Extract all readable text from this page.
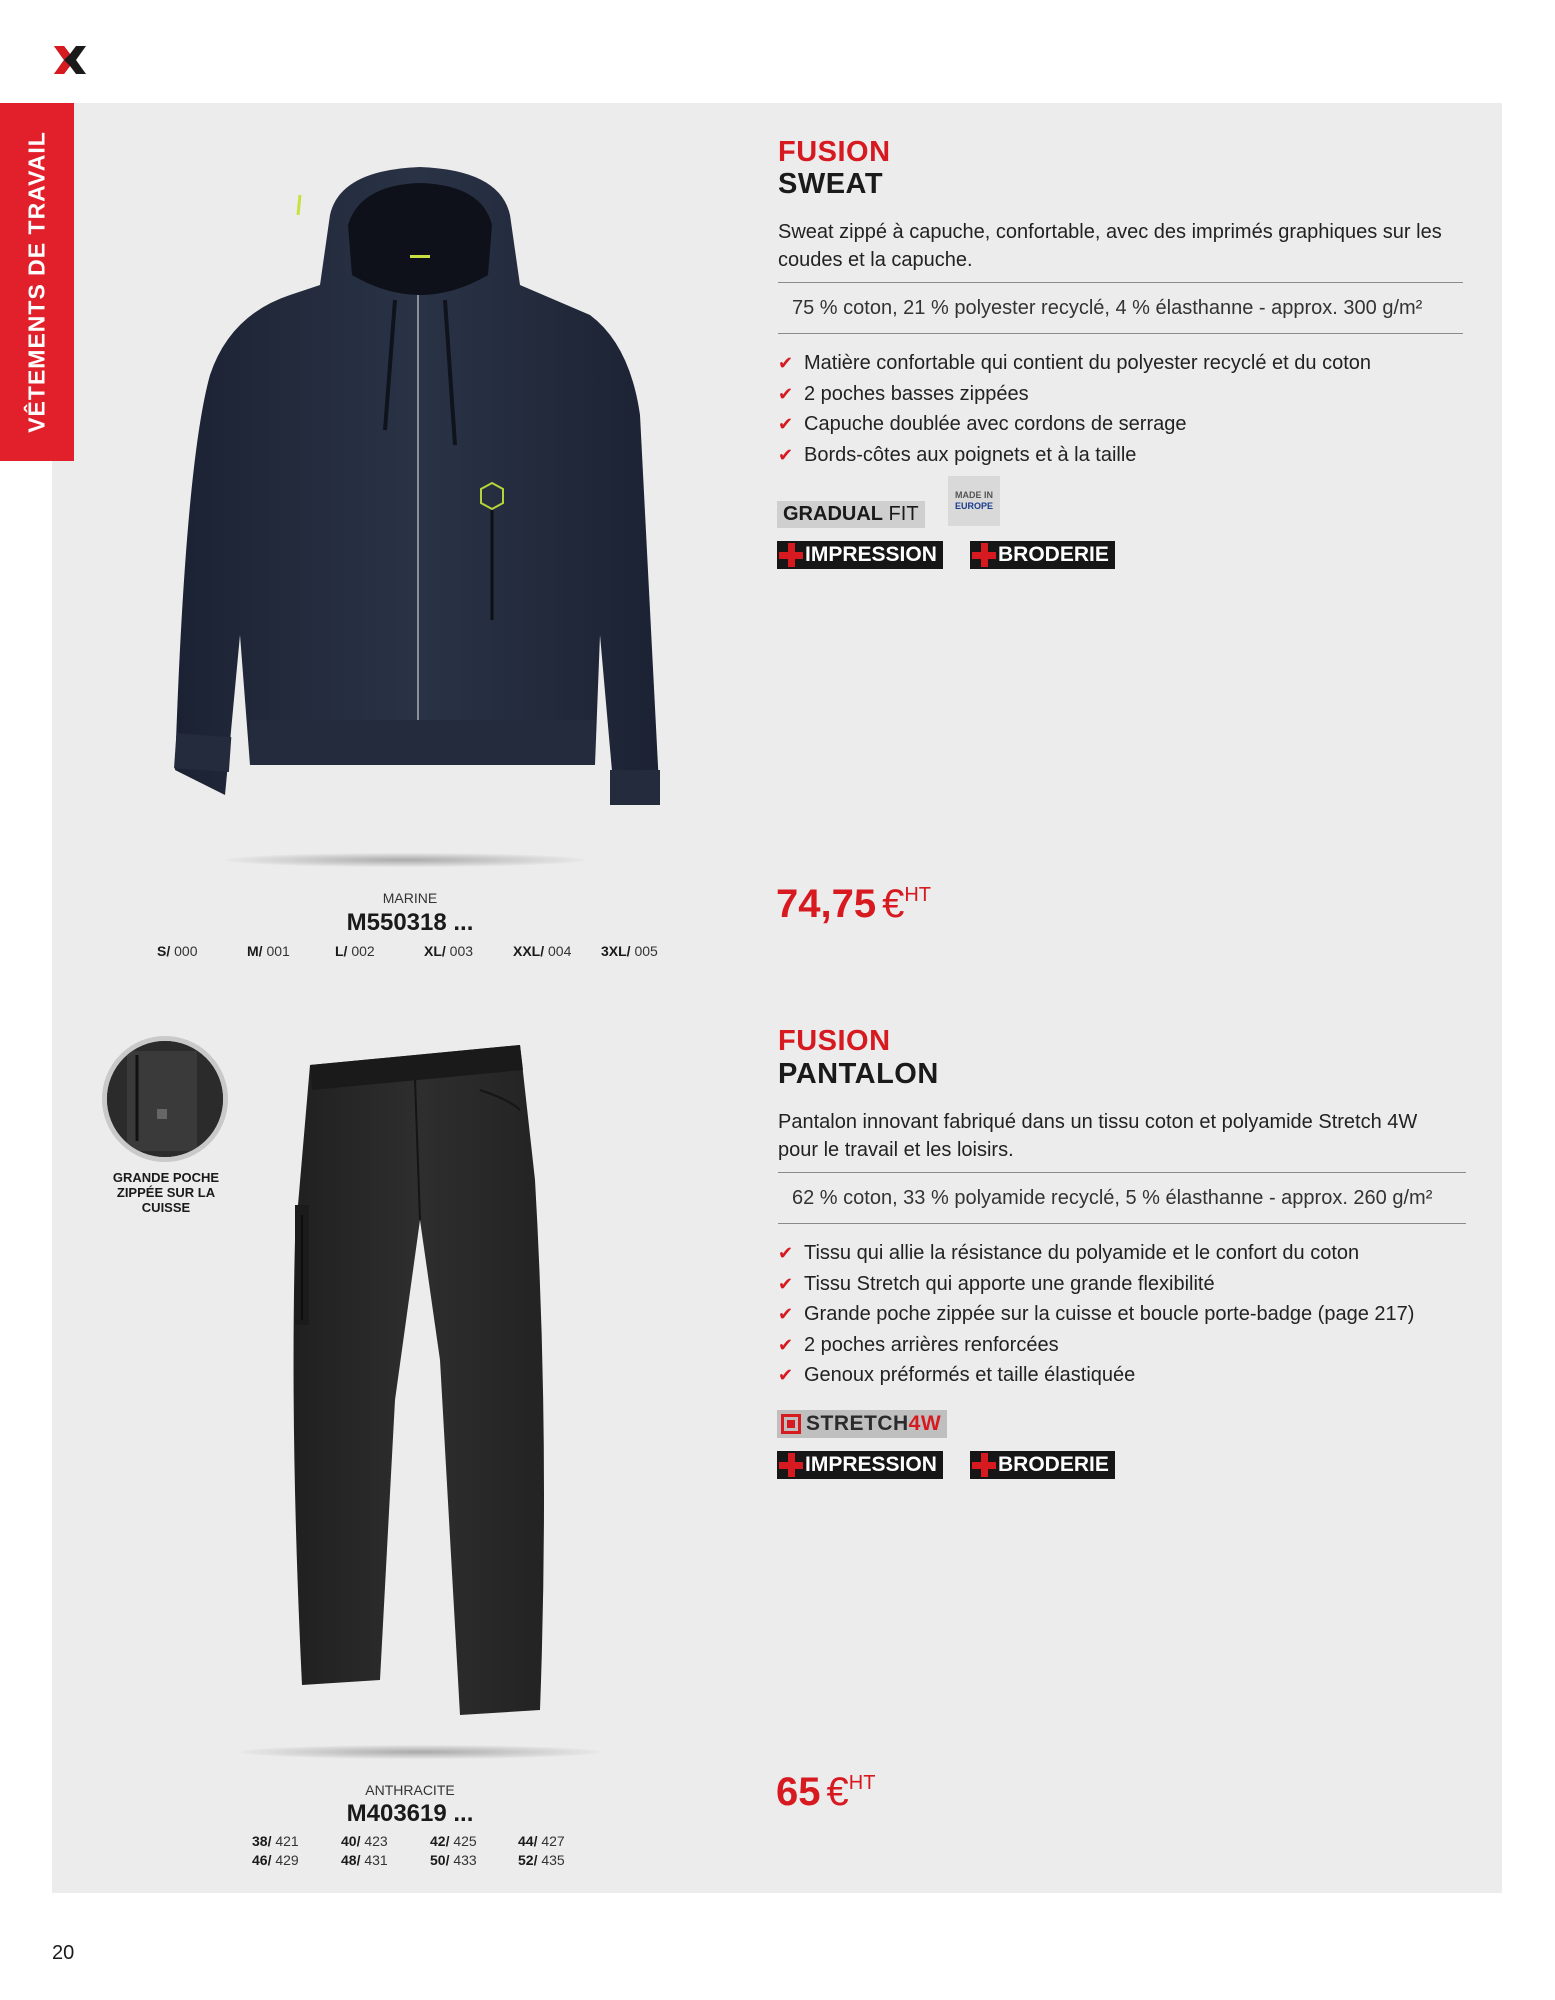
VÊTEMENTS DE TRAVAIL
MARINE
M550318 ...
S/ 000	M/ 001	L/ 002	XL/ 003	XXL/ 004 3XL/ 005
FUSION
SWEAT
Sweat zippé à capuche, confortable, avec des imprimés graphiques sur les coudes et la capuche.
75 % coton, 21 % polyester recyclé, 4 % élasthanne - approx. 300 g/m²
✔ Matière confortable qui contient du polyester recyclé et du coton
✔ 2 poches basses zippées
✔ Capuche doublée avec cordons de serrage
✔ Bords-côtes aux poignets et à la taille
GRADUAL FIT
MADE IN
EUROPE
IMPRESSION	BRODERIE
74,75 €HT
GRANDE POCHE ZIPPÉE SUR LA CUISSE
ANTHRACITE
M403619 ...
38/ 421	40/ 423	42/ 425	44/ 427
46/ 429	48/ 431	50/ 433	52/ 435
FUSION
PANTALON
Pantalon innovant fabriqué dans un tissu coton et polyamide Stretch 4W pour le travail et les loisirs.
62 % coton, 33 % polyamide recyclé, 5 % élasthanne - approx. 260 g/m²
✔ Tissu qui allie la résistance du polyamide et le confort du coton
✔ Tissu Stretch qui apporte une grande flexibilité
✔ Grande poche zippée sur la cuisse et boucle porte-badge (page 217)
✔ 2 poches arrières renforcées
✔ Genoux préformés et taille élastiquée
STRETCH 4W
IMPRESSION	BRODERIE
65 €HT
20
